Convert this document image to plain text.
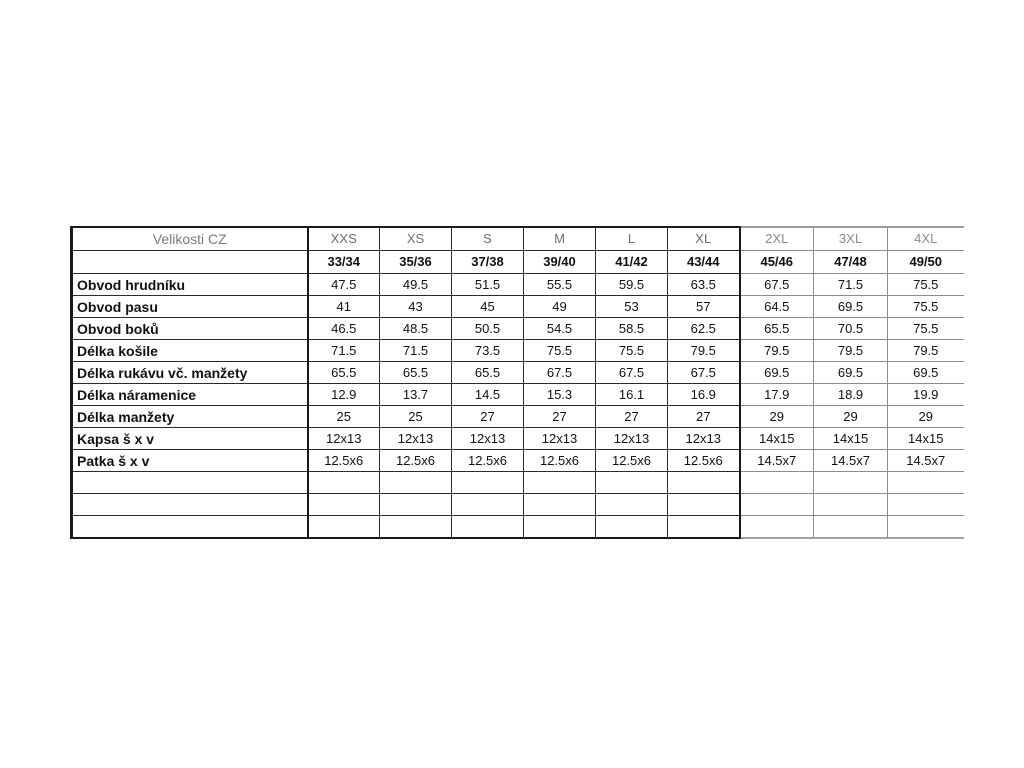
Velikosti CZ	XXS	XS	S	M	L	XL	2XL	3XL	4XL
	33/34	35/36	37/38	39/40	41/42	43/44	45/46	47/48	49/50
Obvod hrudníku	47.5	49.5	51.5	55.5	59.5	63.5	67.5	71.5	75.5
Obvod pasu	41	43	45	49	53	57	64.5	69.5	75.5
Obvod boků	46.5	48.5	50.5	54.5	58.5	62.5	65.5	70.5	75.5
Délka košile	71.5	71.5	73.5	75.5	75.5	79.5	79.5	79.5	79.5
Délka rukávu vč. manžety	65.5	65.5	65.5	67.5	67.5	67.5	69.5	69.5	69.5
Délka náramenice	12.9	13.7	14.5	15.3	16.1	16.9	17.9	18.9	19.9
Délka manžety	25	25	27	27	27	27	29	29	29
Kapsa š x v	12x13	12x13	12x13	12x13	12x13	12x13	14x15	14x15	14x15
Patka š x v	12.5x6	12.5x6	12.5x6	12.5x6	12.5x6	12.5x6	14.5x7	14.5x7	14.5x7
